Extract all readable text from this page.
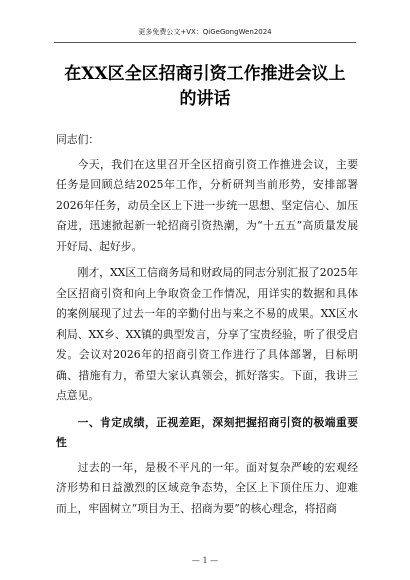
更多免费公文+VX：QiGeGongWen2024
在XX区全区招商引资工作推进会议上的讲话

同志们：

今天，我们在这里召开全区招商引资工作推进会议，主要任务是回顾总结2025年工作，分析研判当前形势，安排部署2026年任务，动员全区上下进一步统一思想、坚定信心、加压奋进，迅速掀起新一轮招商引资热潮，为“十五五”高质量发展开好局、起好步。

刚才，XX区工信商务局和财政局的同志分别汇报了2025年全区招商引资和向上争取资金工作情况，用详实的数据和具体的案例展现了过去一年的辛勤付出与来之不易的成果。XX区水利局、XX乡、XX镇的典型发言，分享了宝贵经验，听了很受启发。会议对2026年的招商引资工作进行了具体部署，目标明确、措施有力，希望大家认真领会，抓好落实。下面，我讲三点意见。

一、肯定成绩，正视差距，深刻把握招商引资的极端重要性

过去的一年，是极不平凡的一年。面对复杂严峻的宏观经济形势和日益激烈的区域竞争态势，全区上下顶住压力、迎难而上，牢固树立“项目为王、招商为要”的核心理念，将招商

— 1 —
